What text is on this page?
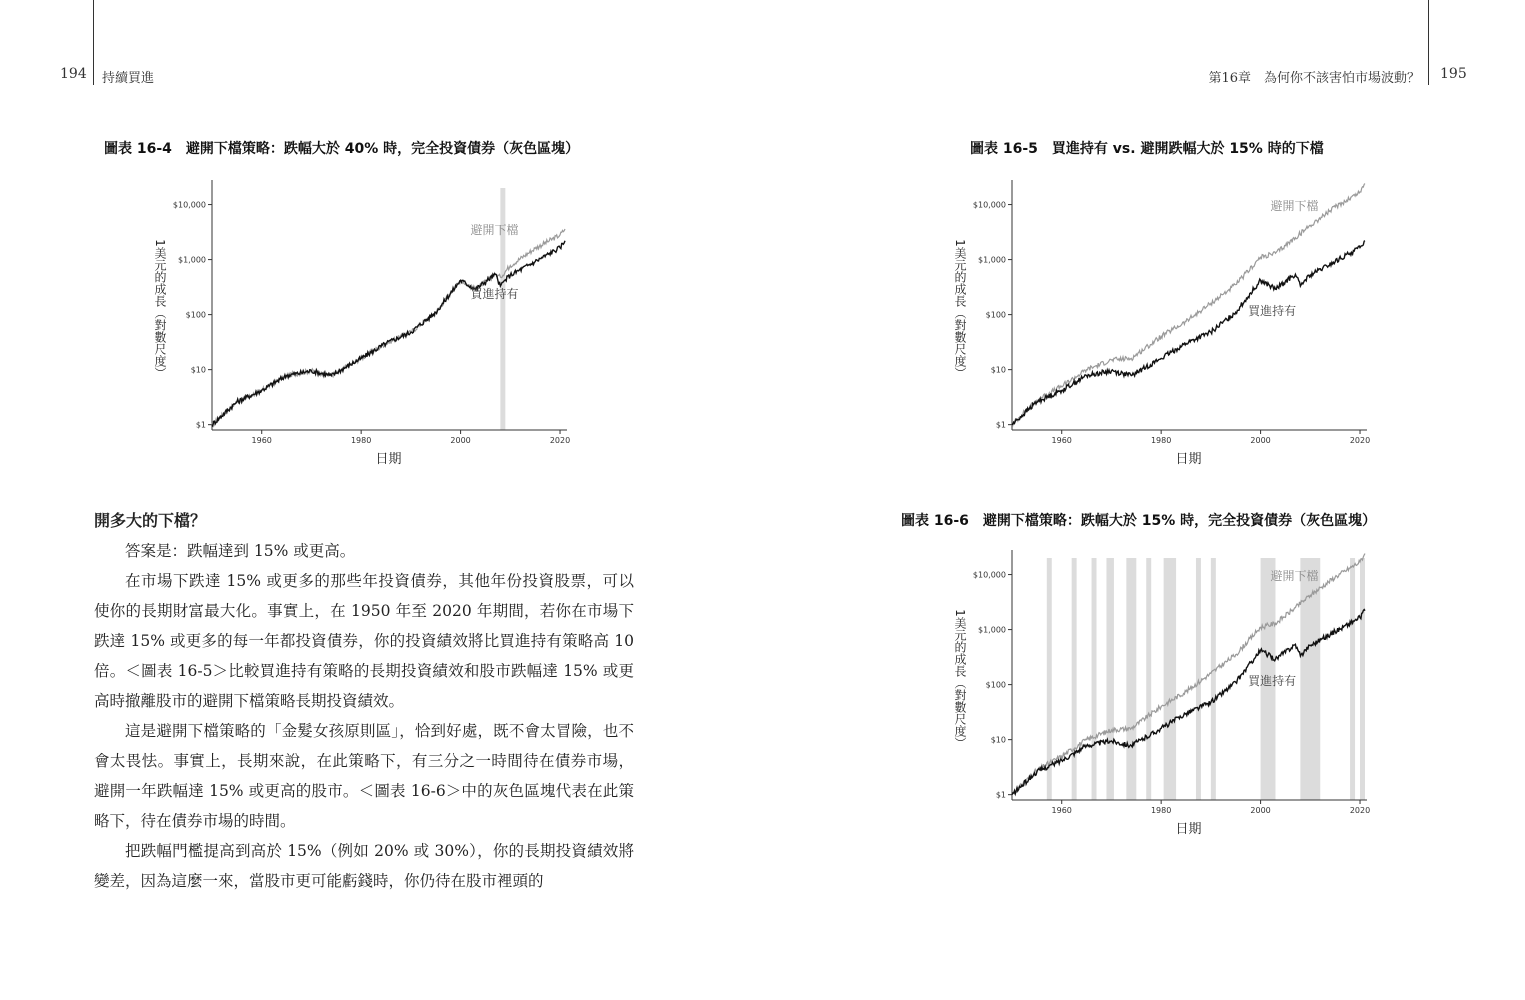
194 持續買進	第16章　為何你不該害怕市場波動？ 195
圖表 16-4 避開下檔策略：跌幅大於 40% 時，完全投資債券（灰色區塊）	圖表 16-5 買進持有 vs. 避開跌幅大於 15% 時的下檔
圖表 16-6 避開下檔策略：跌幅大於 15% 時，完全投資債券（灰色區塊）
$1
$10
$100
$1,000
$10,000
1960	1980	2000	2020
日期
1美元的成長（對數尺度）
避開下檔
買進持有
$1
$10
$100
$1,000
$10,000
1960	1980	2000	2020
日期
1美元的成長（對數尺度）
避開下檔
買進持有
$1
$10
$100
$1,000
$10,000
1960	1980	2000	2020
日期
1美元的成長（對數尺度）
避開下檔
買進持有
開多大的下檔？

答案是：跌幅達到 15% 或更高。

在市場下跌達 15% 或更多的那些年投資債券，其他年份投資股票，可以使你的長期財富最大化。事實上，在 1950 年至 2020 年期間，若你在市場下跌達 15% 或更多的每一年都投資債券，你的投資績效將比買進持有策略高 10 倍。＜圖表 16-5＞比較買進持有策略的長期投資績效和股市跌幅達 15% 或更高時撤離股市的避開下檔策略長期投資績效。

這是避開下檔策略的「金髮女孩原則區」，恰到好處，既不會太冒險，也不會太畏怯。事實上，長期來說，在此策略下，有三分之一時間待在債券市場，避開一年跌幅達 15% 或更高的股市。＜圖表 16-6＞中的灰色區塊代表在此策略下，待在債券市場的時間。

把跌幅門檻提高到高於 15%（例如 20% 或 30%），你的長期投資績效將變差，因為這麼一來，當股市更可能虧錢時，你仍待在股市裡頭的
